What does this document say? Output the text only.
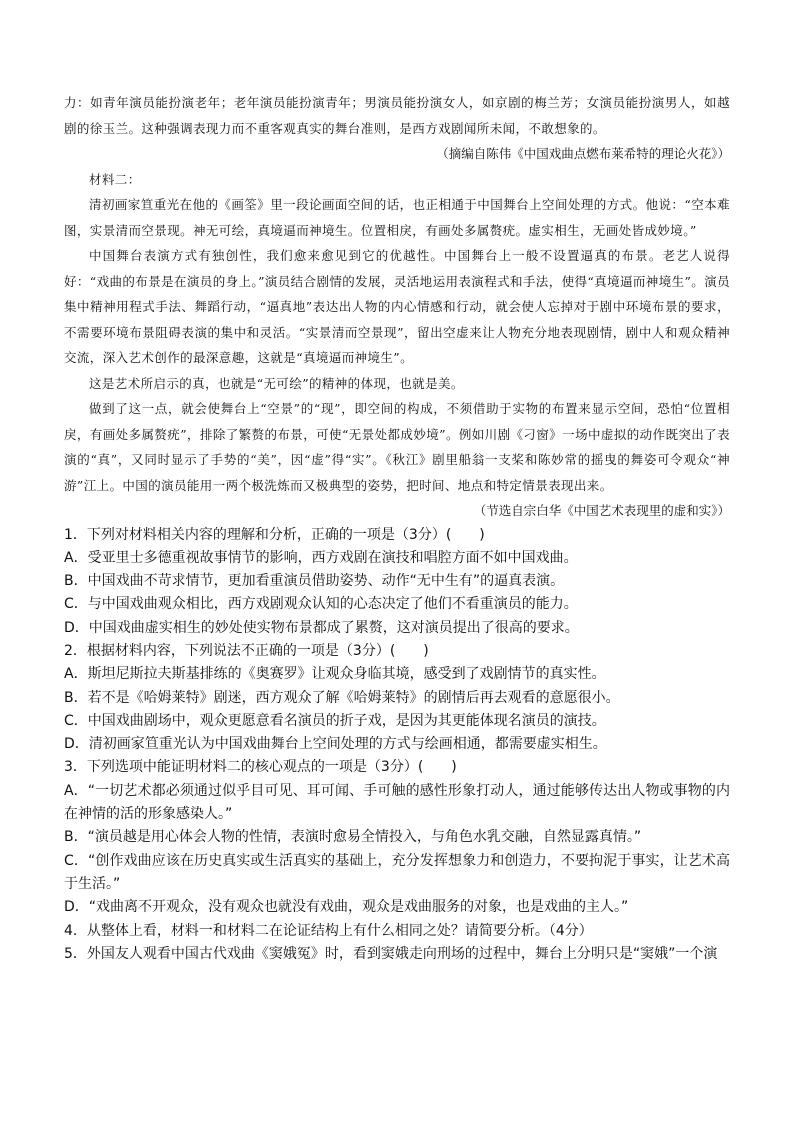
力：如青年演员能扮演老年；老年演员能扮演青年；男演员能扮演女人，如京剧的梅兰芳；女演员能扮演男人，如越剧的徐玉兰。这种强调表现力而不重客观真实的舞台准则，是西方戏剧闻所未闻，不敢想象的。

（摘编自陈伟《中国戏曲点燃布莱希特的理论火花》）

材料二：

清初画家笪重光在他的《画筌》里一段论画面空间的话，也正相通于中国舞台上空间处理的方式。他说：“空本难图，实景清而空景现。神无可绘，真境逼而神境生。位置相戾，有画处多属赘疣。虚实相生，无画处皆成妙境。”

中国舞台表演方式有独创性，我们愈来愈见到它的优越性。中国舞台上一般不设置逼真的布景。老艺人说得好：“戏曲的布景是在演员的身上。”演员结合剧情的发展，灵活地运用表演程式和手法，使得“真境逼而神境生”。演员集中精神用程式手法、舞蹈行动，“逼真地”表达出人物的内心情感和行动，就会使人忘掉对于剧中环境布景的要求，不需要环境布景阻碍表演的集中和灵活。“实景清而空景现”，留出空虚来让人物充分地表现剧情，剧中人和观众精神交流，深入艺术创作的最深意趣，这就是“真境逼而神境生”。

这是艺术所启示的真，也就是“无可绘”的精神的体现，也就是美。

做到了这一点，就会使舞台上“空景”的“现”，即空间的构成，不须借助于实物的布置来显示空间，恐怕“位置相戾，有画处多属赘疣”，排除了繁赘的布景，可使“无景处都成妙境”。例如川剧《刁窗》一场中虚拟的动作既突出了表演的“真”，又同时显示了手势的“美”，因“虚”得“实”。《秋江》剧里船翁一支桨和陈妙常的摇曳的舞姿可令观众“神游”江上。中国的演员能用一两个极洗炼而又极典型的姿势，把时间、地点和特定情景表现出来。

（节选自宗白华《中国艺术表现里的虚和实》）

1．下列对材料相关内容的理解和分析，正确的一项是（3分）(　　)

A．受亚里士多德重视故事情节的影响，西方戏剧在演技和唱腔方面不如中国戏曲。

B．中国戏曲不苛求情节，更加看重演员借助姿势、动作“无中生有”的逼真表演。

C．与中国戏曲观众相比，西方戏剧观众认知的心态决定了他们不看重演员的能力。

D．中国戏曲虚实相生的妙处使实物布景都成了累赘，这对演员提出了很高的要求。

2．根据材料内容，下列说法不正确的一项是（3分）(　　)

A．斯坦尼斯拉夫斯基排练的《奥赛罗》让观众身临其境，感受到了戏剧情节的真实性。

B．若不是《哈姆莱特》剧迷，西方观众了解《哈姆莱特》的剧情后再去观看的意愿很小。

C．中国戏曲剧场中，观众更愿意看名演员的折子戏，是因为其更能体现名演员的演技。

D．清初画家笪重光认为中国戏曲舞台上空间处理的方式与绘画相通，都需要虚实相生。

3．下列选项中能证明材料二的核心观点的一项是（3分）(　　)

A．“一切艺术都必须通过似乎目可见、耳可闻、手可触的感性形象打动人，通过能够传达出人物或事物的内在神情的活的形象感染人。”

B．“演员越是用心体会人物的性情，表演时愈易全情投入，与角色水乳交融，自然显露真情。”

C．“创作戏曲应该在历史真实或生活真实的基础上，充分发挥想象力和创造力，不要拘泥于事实，让艺术高于生活。”

D．“戏曲离不开观众，没有观众也就没有戏曲，观众是戏曲服务的对象，也是戏曲的主人。”

4．从整体上看，材料一和材料二在论证结构上有什么相同之处？请简要分析。（4分）

5．外国友人观看中国古代戏曲《窦娥冤》时，看到窦娥走向刑场的过程中，舞台上分明只是“窦娥”一个演
